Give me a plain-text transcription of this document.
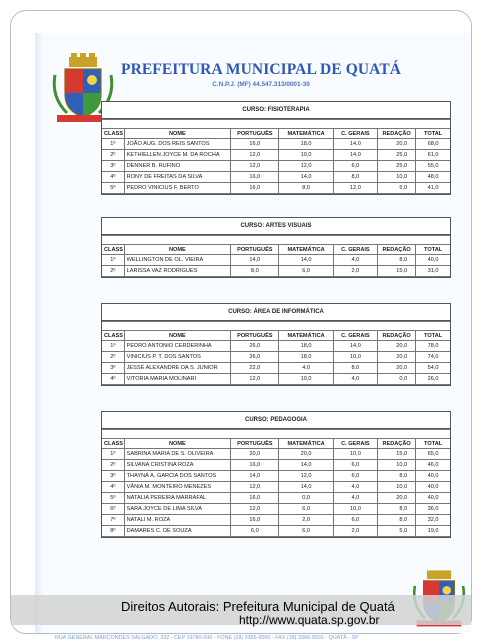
PREFEITURA MUNICIPAL DE QUATÁ
C.N.P.J. (MF) 44.547.313/0001-30
CURSO: FISIOTERAPIA

CLASS	NOME	PORTUGUÊS	MATEMÁTICA	C. GERAIS	REDAÇÃO	TOTAL
1º	JOÃO AUG. DOS REIS SANTOS	16,0	18,0	14,0	20,0	68,0
2º	KETHIELLEN JOYCE M. DA ROCHA	12,0	10,0	14,0	25,0	61,0
3º	DENNER B. RUFINO	12,0	12,0	6,0	25,0	55,0
4º	RONY DE FREITAS DA SILVA	16,0	14,0	8,0	10,0	48,0
5º	PEDRO VINICIUS F. BERTO	16,0	8,0	12,0	5,0	41,0
CURSO: ARTES VISUAIS

CLASS	NOME	PORTUGUÊS	MATEMÁTICA	C. GERAIS	REDAÇÃO	TOTAL
1º	WELLINGTON DE OL. VIEIRA	14,0	14,0	4,0	8,0	40,0
2º	LARISSA VAZ RODRIGUES	8,0	6,0	2,0	15,0	31,0
CURSO: ÁREA DE INFORMÁTICA

CLASS	NOME	PORTUGUÊS	MATEMÁTICA	C. GERAIS	REDAÇÃO	TOTAL
1º	PEDRO ANTONIO CERDERINHA	26,0	18,0	14,0	20,0	78,0
2º	VINICIUS P. T. DOS SANTOS	26,0	18,0	10,0	20,0	74,0
3º	JESSÉ ALEXANDRE DA S. JUNIOR	22,0	4,0	8,0	20,0	54,0
4º	VITORIA MARIA MOLINARI	12,0	10,0	4,0	0,0	26,0
CURSO: PEDAGOGIA

CLASS	NOME	PORTUGUÊS	MATEMÁTICA	C. GERAIS	REDAÇÃO	TOTAL
1º	SABRINA MARIA DE S. OLIVEIRA	20,0	20,0	10,0	15,0	65,0
2º	SILVANA CRISTINA ROZA	16,0	14,0	6,0	10,0	46,0
3º	THAYNÁ A. GARCIA DOS SANTOS	14,0	12,0	6,0	8,0	40,0
4º	VÂNIA M. MONTEIRO MENEZES	12,0	14,0	4,0	10,0	40,0
5º	NATALIA PEREIRA MARRAFAL	16,0	0,0	4,0	20,0	40,0
6º	SARA JOYCE DE LIMA SILVA	12,0	6,0	10,0	8,0	36,0
7º	NATALI M. ROZA	16,0	2,0	6,0	8,0	32,0
8º	DAMARES C. DE SOUZA	6,0	6,0	2,0	5,0	19,0
Direitos Autorais: Prefeitura Municipal de Quatá
http://www.quata.sp.gov.br
RUA GENERAL MARCONDES SALGADO, 332 - CEP 19780-000 - FONE (18) 3366-9500 - FAX (18) 3366-9501 - QUATÁ - SP
